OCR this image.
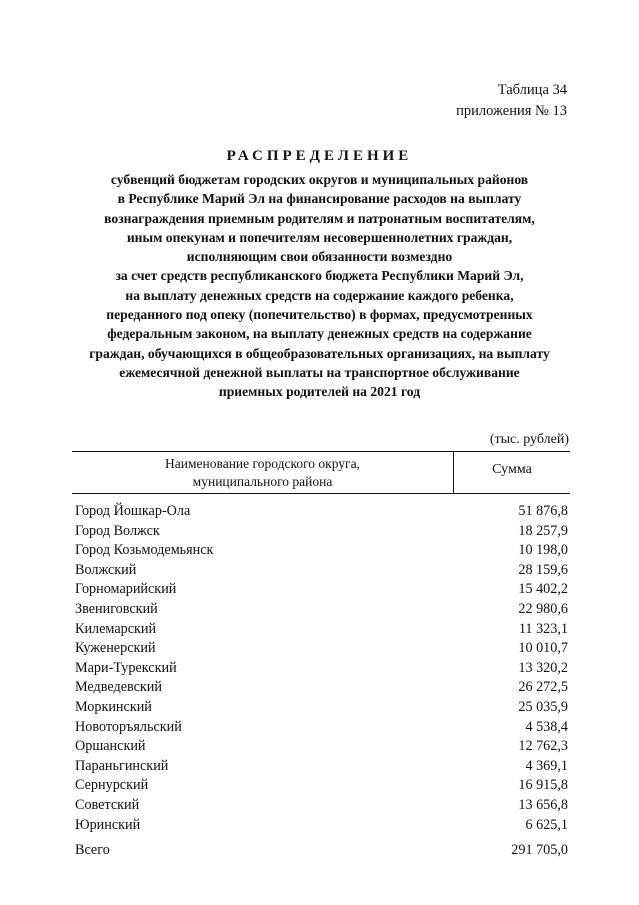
Таблица 34
приложения № 13
РАСПРЕДЕЛЕНИЕ
субвенций бюджетам городских округов и муниципальных районов
в Республике Марий Эл на финансирование расходов на выплату
вознаграждения приемным родителям и патронатным воспитателям,
иным опекунам и попечителям несовершеннолетних граждан,
исполняющим свои обязанности возмездно
за счет средств республиканского бюджета Республики Марий Эл,
на выплату денежных средств на содержание каждого ребенка,
переданного под опеку (попечительство) в формах, предусмотренных
федеральным законом, на выплату денежных средств на содержание
граждан, обучающихся в общеобразовательных организациях, на выплату
ежемесячной денежной выплаты на транспортное обслуживание
приемных родителей на 2021 год
(тыс. рублей)
Наименование городского округа,
муниципального района
Сумма
Город Йошкар-Ола	51 876,8
Город Волжск	18 257,9
Город Козьмодемьянск	10 198,0
Волжский	28 159,6
Горномарийский	15 402,2
Звениговский	22 980,6
Килемарский	11 323,1
Куженерский	10 010,7
Мари-Турекский	13 320,2
Медведевский	26 272,5
Моркинский	25 035,9
Новоторъяльский	4 538,4
Оршанский	12 762,3
Параньгинский	4 369,1
Сернурский	16 915,8
Советский	13 656,8
Юринский	6 625,1
Всего	291 705,0
